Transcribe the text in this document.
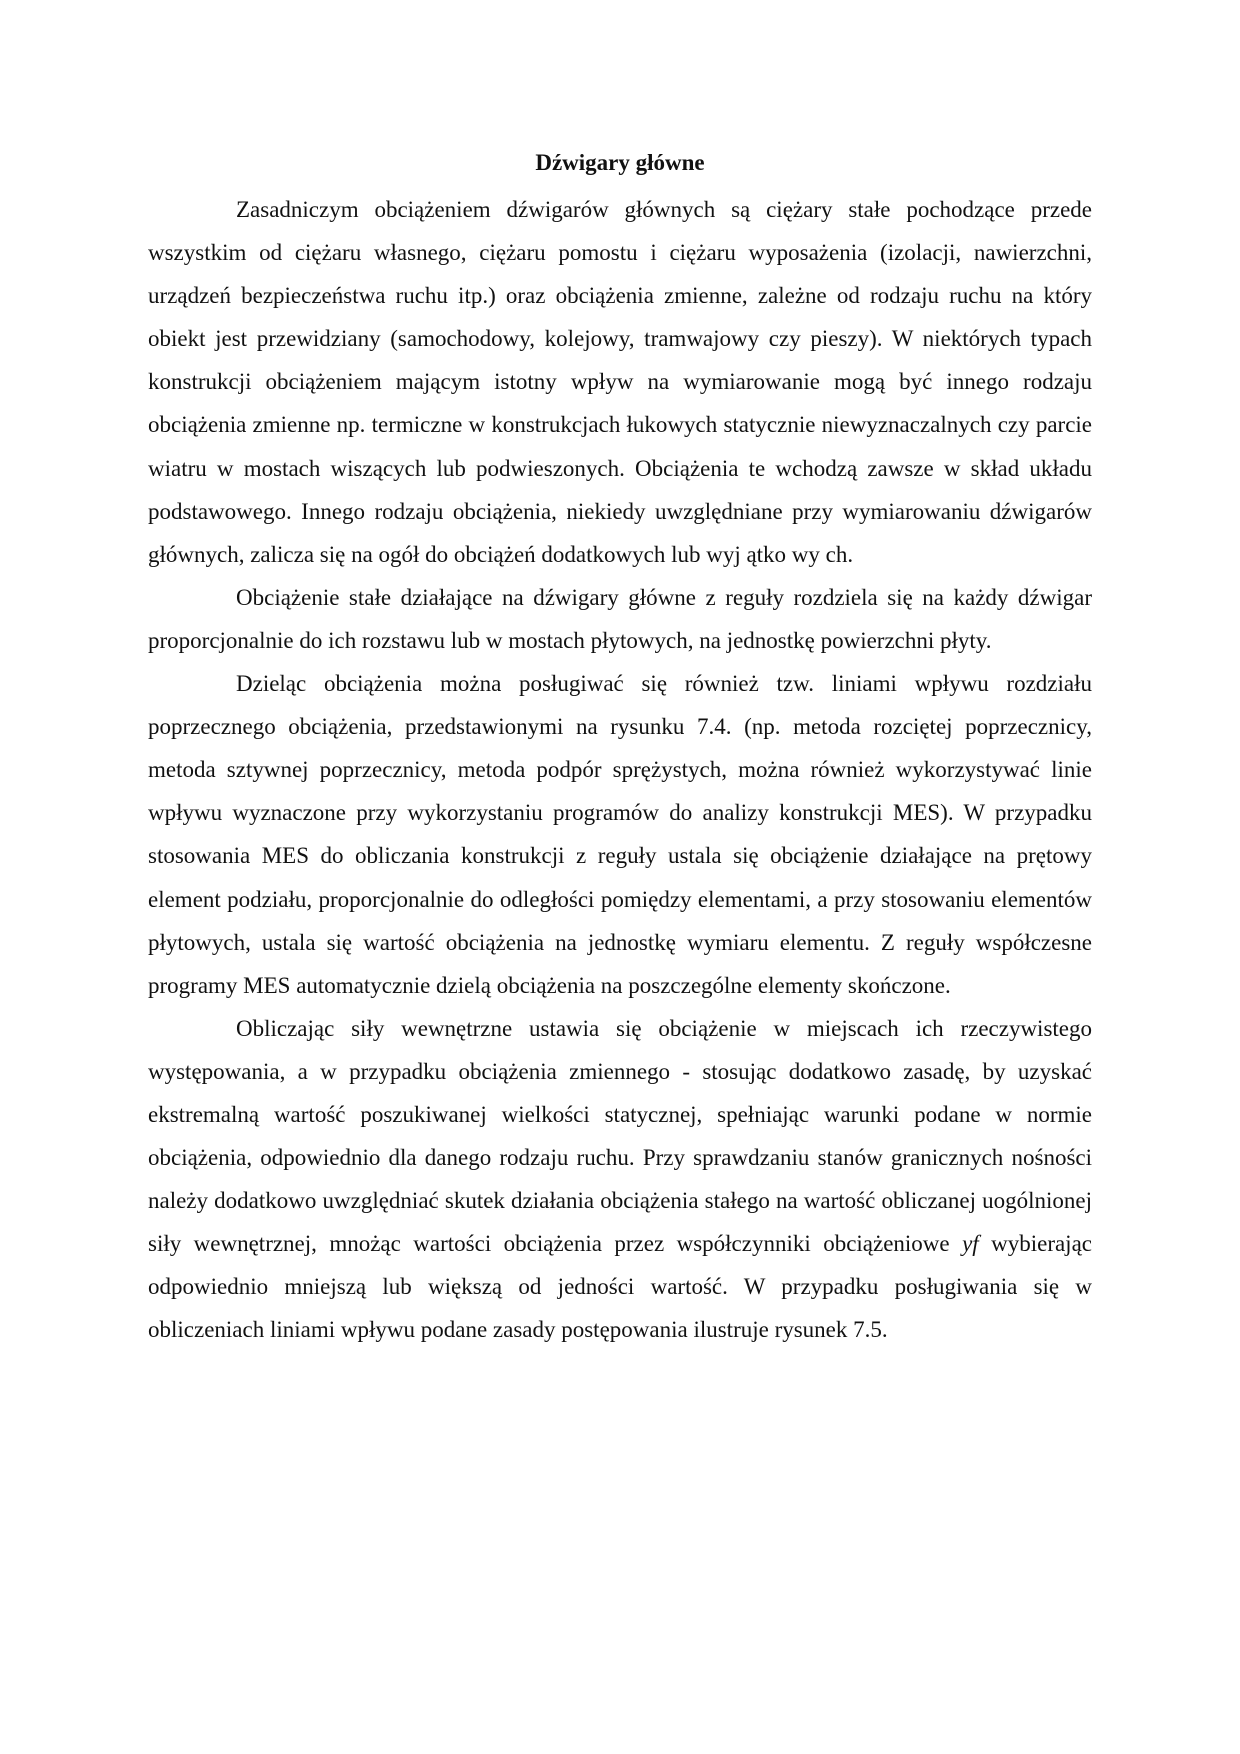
Dźwigary główne

Zasadniczym obciążeniem dźwigarów głównych są ciężary stałe pochodzące przede wszystkim od ciężaru własnego, ciężaru pomostu i ciężaru wyposażenia (izolacji, nawierzchni, urządzeń bezpieczeństwa ruchu itp.) oraz obciążenia zmienne, zależne od rodzaju ruchu na który obiekt jest przewidziany (samochodowy, kolejowy, tramwajowy czy pieszy). W niektórych typach konstrukcji obciążeniem mającym istotny wpływ na wymiarowanie mogą być innego rodzaju obciążenia zmienne np. termiczne w konstrukcjach łukowych statycznie niewyznaczalnych czy parcie wiatru w mostach wiszących lub podwieszonych. Obciążenia te wchodzą zawsze w skład układu podstawowego. Innego rodzaju obciążenia, niekiedy uwzględniane przy wymiarowaniu dźwigarów głównych, zalicza się na ogół do obciążeń dodatkowych lub wyj ątko wy ch.

Obciążenie stałe działające na dźwigary główne z reguły rozdziela się na każdy dźwigar proporcjonalnie do ich rozstawu lub w mostach płytowych, na jednostkę powierzchni płyty.

Dzieląc obciążenia można posługiwać się również tzw. liniami wpływu rozdziału poprzecznego obciążenia, przedstawionymi na rysunku 7.4. (np. metoda rozciętej poprzecznicy, metoda sztywnej poprzecznicy, metoda podpór sprężystych, można również wykorzystywać linie wpływu wyznaczone przy wykorzystaniu programów do analizy konstrukcji MES). W przypadku stosowania MES do obliczania konstrukcji z reguły ustala się obciążenie działające na prętowy element podziału, proporcjonalnie do odległości pomiędzy elementami, a przy stosowaniu elementów płytowych, ustala się wartość obciążenia na jednostkę wymiaru elementu. Z reguły współczesne programy MES automatycznie dzielą obciążenia na poszczególne elementy skończone.

Obliczając siły wewnętrzne ustawia się obciążenie w miejscach ich rzeczywistego występowania, a w przypadku obciążenia zmiennego - stosując dodatkowo zasadę, by uzyskać ekstremalną wartość poszukiwanej wielkości statycznej, spełniając warunki podane w normie obciążenia, odpowiednio dla danego rodzaju ruchu. Przy sprawdzaniu stanów granicznych nośności należy dodatkowo uwzględniać skutek działania obciążenia stałego na wartość obliczanej uogólnionej siły wewnętrznej, mnożąc wartości obciążenia przez współczynniki obciążeniowe yf wybierając odpowiednio mniejszą lub większą od jedności wartość. W przypadku posługiwania się w obliczeniach liniami wpływu podane zasady postępowania ilustruje rysunek 7.5.
